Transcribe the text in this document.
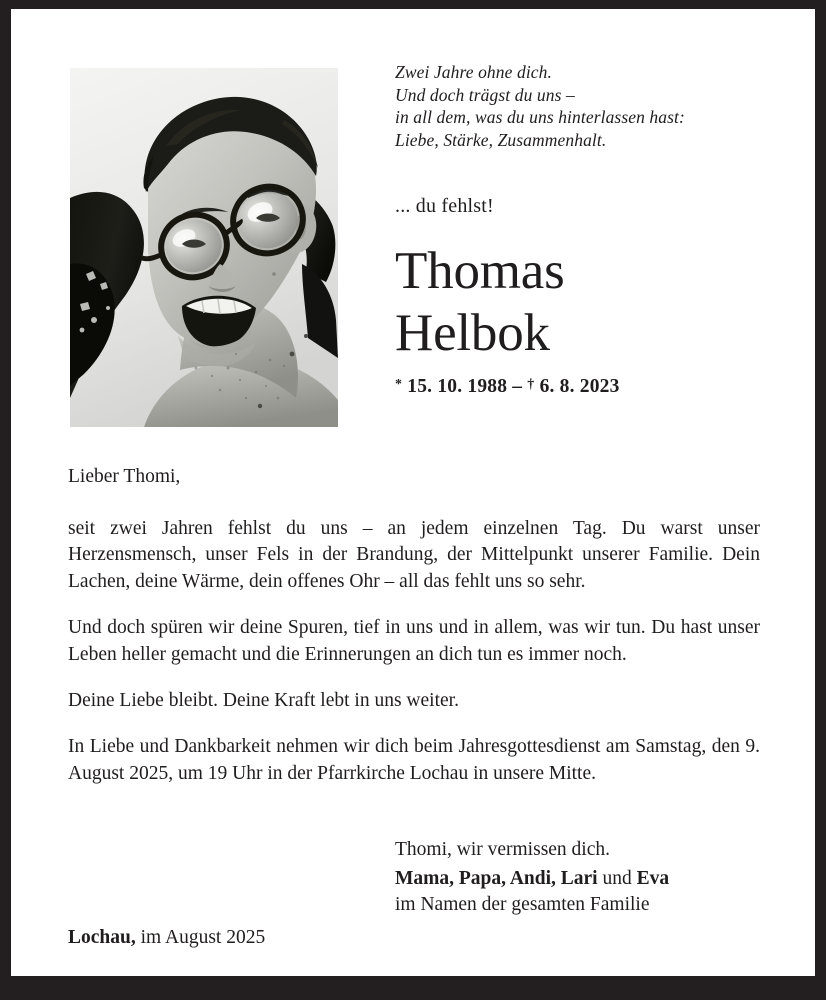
Zwei Jahre ohne dich.
Und doch trägst du uns –
in all dem, was du uns hinterlassen hast:
Liebe, Stärke, Zusammenhalt.
... du fehlst!
Thomas
Helbok
* 15. 10. 1988 – † 6. 8. 2023
Lieber Thomi,

seit zwei Jahren fehlst du uns – an jedem einzelnen Tag. Du warst unser Herzensmensch, unser Fels in der Brandung, der Mittelpunkt unserer Familie. Dein Lachen, deine Wärme, dein offenes Ohr – all das fehlt uns so sehr.

Und doch spüren wir deine Spuren, tief in uns und in allem, was wir tun. Du hast unser Leben heller gemacht und die Erinnerungen an dich tun es immer noch.

Deine Liebe bleibt. Deine Kraft lebt in uns weiter.

In Liebe und Dankbarkeit nehmen wir dich beim Jahresgottesdienst am Samstag, den 9. August 2025, um 19 Uhr in der Pfarrkirche Lochau in unsere Mitte.

Thomi, wir vermissen dich.
Mama, Papa, Andi, Lari und Eva
im Namen der gesamten Familie
Lochau, im August 2025
